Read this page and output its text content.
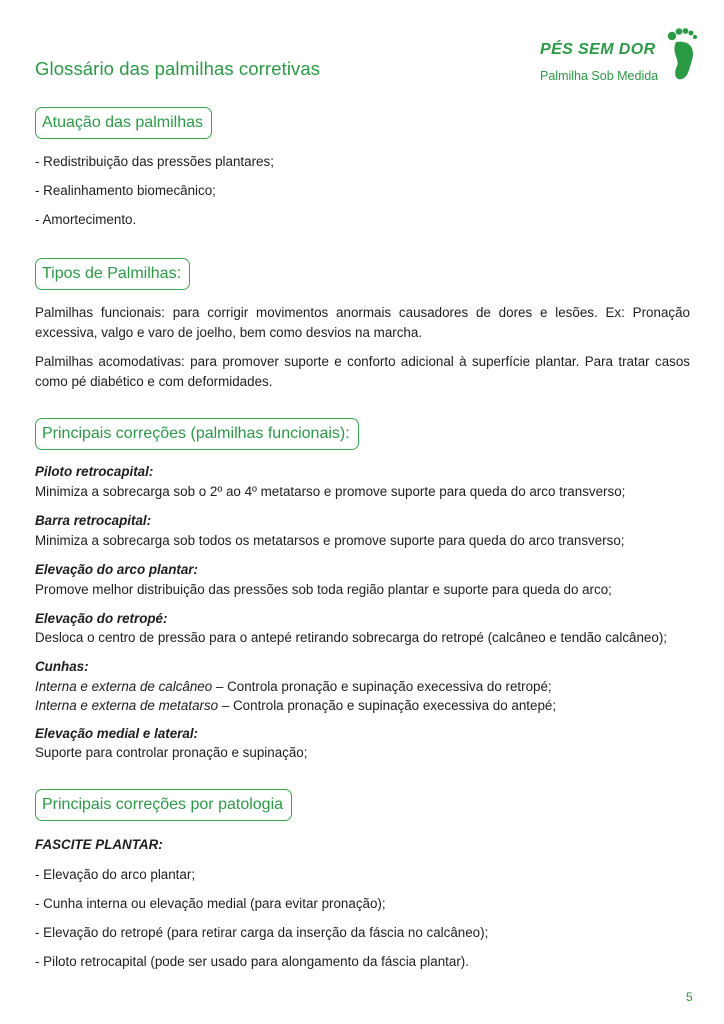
Glossário das palmilhas corretivas
PÉS SEM DOR
Palmilha Sob Medida
Atuação das palmilhas
- Redistribuição das pressões plantares;
- Realinhamento biomecânico;
- Amortecimento.
Tipos de Palmilhas:

Palmilhas funcionais: para corrigir movimentos anormais causadores de dores e lesões. Ex: Pronação excessiva, valgo e varo de joelho, bem como desvios na marcha.

Palmilhas acomodativas: para promover suporte e conforto adicional à superfície plantar. Para tratar casos como pé diabético e com deformidades.

Principais correções (palmilhas funcionais):
Piloto retrocapital:
Minimiza a sobrecarga sob o 2º ao 4º metatarso e promove suporte para queda do arco transverso;
Barra retrocapital:
Minimiza a sobrecarga sob todos os metatarsos e promove suporte para queda do arco transverso;
Elevação do arco plantar:
Promove melhor distribuição das pressões sob toda região plantar e suporte para queda do arco;
Elevação do retropé:
Desloca o centro de pressão para o antepé retirando sobrecarga do retropé (calcâneo e tendão calcâneo);
Cunhas:
Interna e externa de calcâneo – Controla pronação e supinação execessiva do retropé;
Interna e externa de metatarso – Controla pronação e supinação execessiva do antepé;
Elevação medial e lateral:
Suporte para controlar pronação e supinação;
Principais correções por patologia
FASCITE PLANTAR:
- Elevação do arco plantar;
- Cunha interna ou elevação medial (para evitar pronação);
- Elevação do retropé (para retirar carga da inserção da fáscia no calcâneo);
- Piloto retrocapital (pode ser usado para alongamento da fáscia plantar).
5
